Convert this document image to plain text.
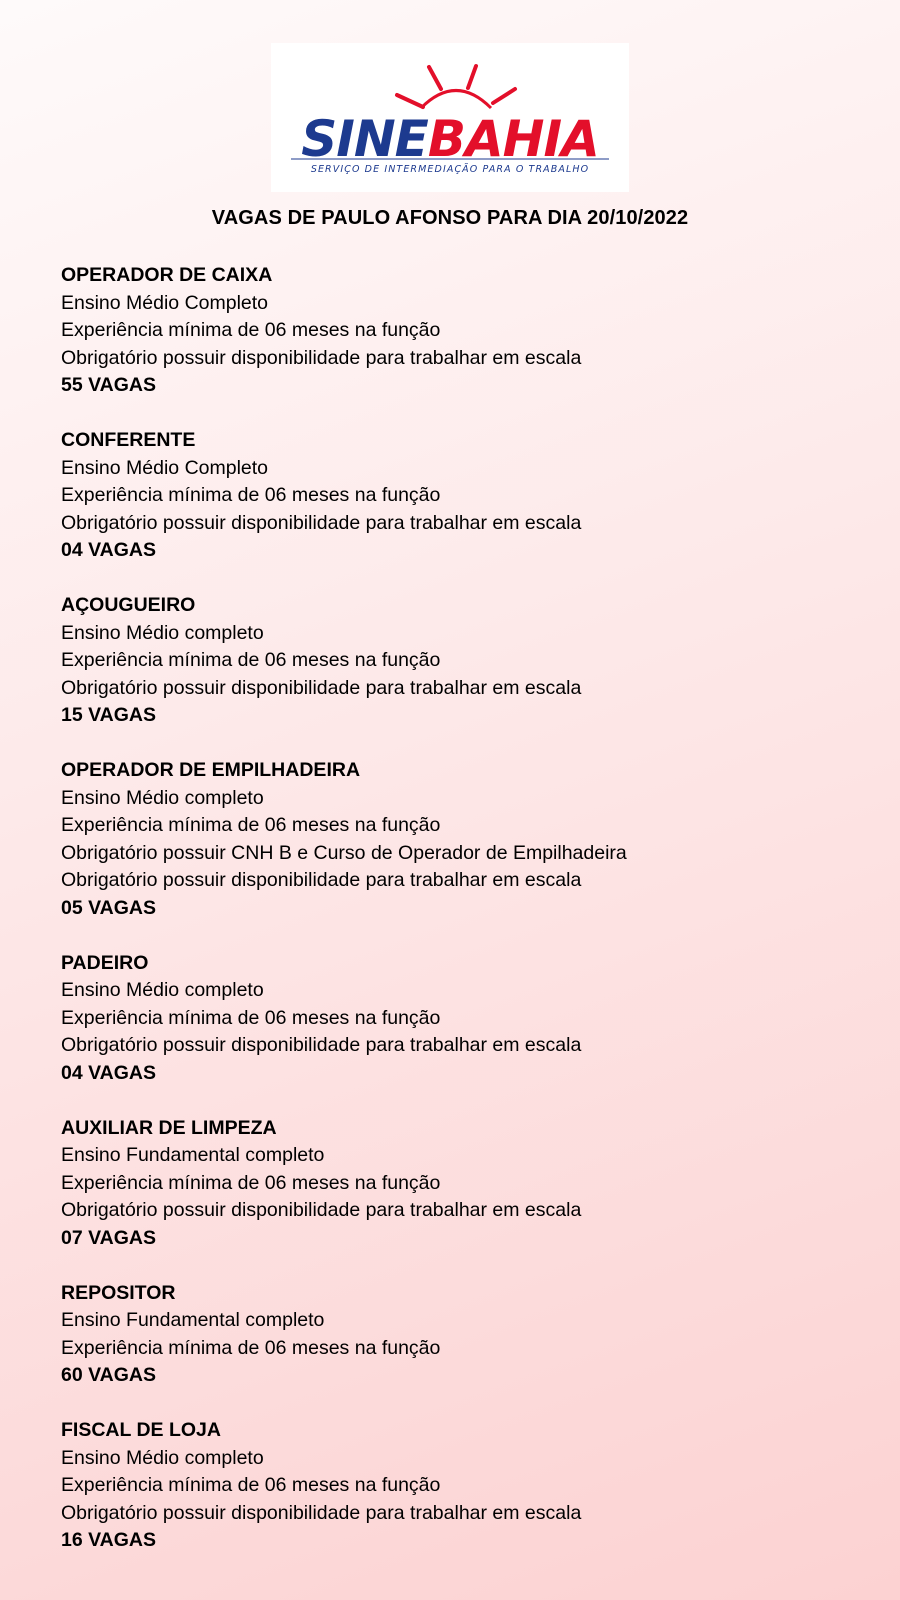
SINEBAHIA
SERVIÇO DE INTERMEDIAÇÃO PARA O TRABALHO
VAGAS DE PAULO AFONSO PARA DIA 20/10/2022
OPERADOR DE CAIXA
Ensino Médio Completo
Experiência mínima de 06 meses na função
Obrigatório possuir disponibilidade para trabalhar em escala
55 VAGAS
CONFERENTE
Ensino Médio Completo
Experiência mínima de 06 meses na função
Obrigatório possuir disponibilidade para trabalhar em escala
04 VAGAS
AÇOUGUEIRO
Ensino Médio completo
Experiência mínima de 06 meses na função
Obrigatório possuir disponibilidade para trabalhar em escala
15 VAGAS
OPERADOR DE EMPILHADEIRA
Ensino Médio completo
Experiência mínima de 06 meses na função
Obrigatório possuir CNH B e Curso de Operador de Empilhadeira
Obrigatório possuir disponibilidade para trabalhar em escala
05 VAGAS
PADEIRO
Ensino Médio completo
Experiência mínima de 06 meses na função
Obrigatório possuir disponibilidade para trabalhar em escala
04 VAGAS
AUXILIAR DE LIMPEZA
Ensino Fundamental completo
Experiência mínima de 06 meses na função
Obrigatório possuir disponibilidade para trabalhar em escala
07 VAGAS
REPOSITOR
Ensino Fundamental completo
Experiência mínima de 06 meses na função
60 VAGAS
FISCAL DE LOJA
Ensino Médio completo
Experiência mínima de 06 meses na função
Obrigatório possuir disponibilidade para trabalhar em escala
16 VAGAS
